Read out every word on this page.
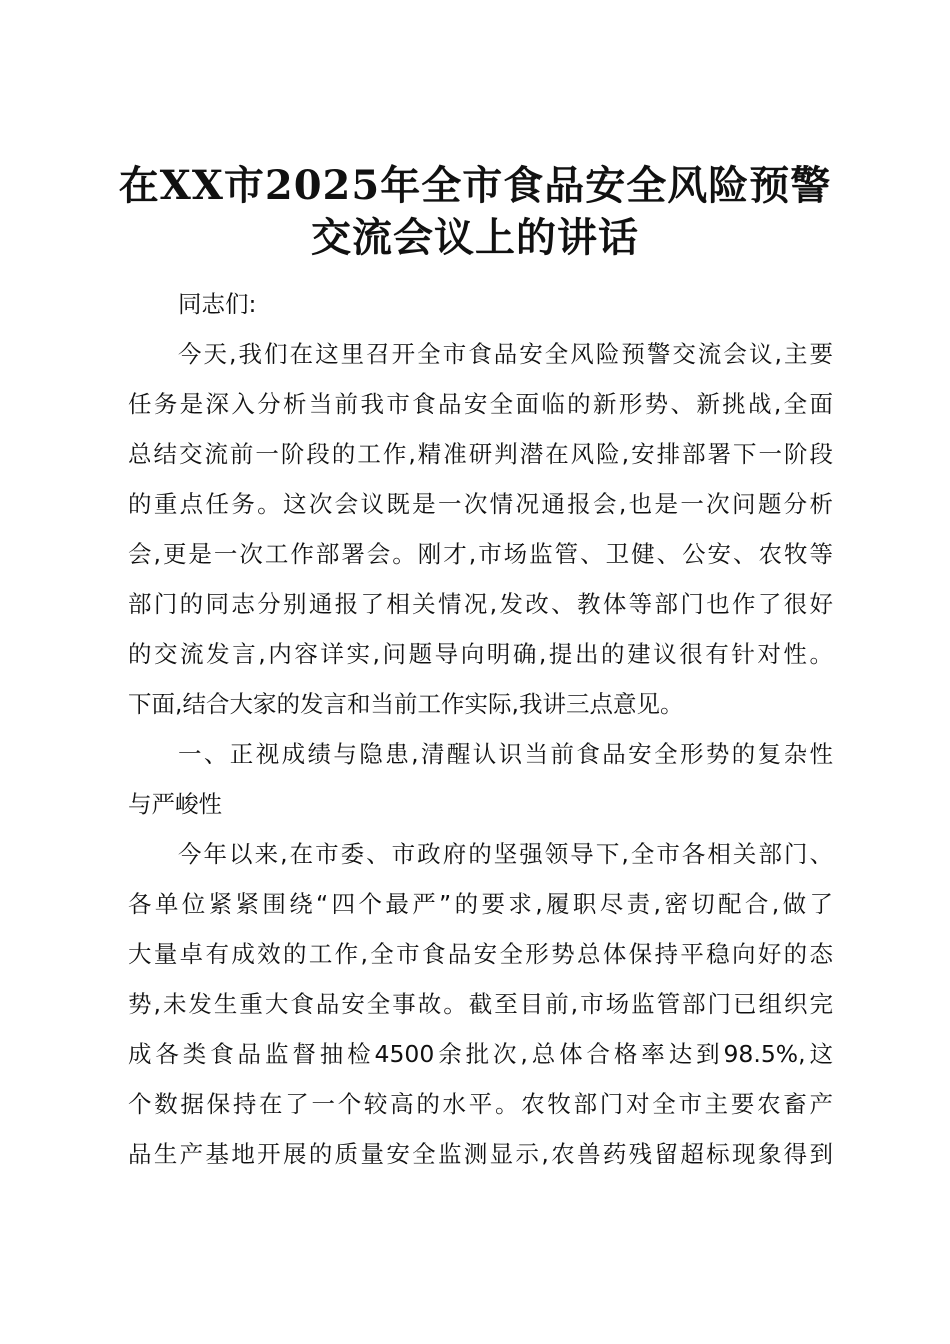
在XX市2025年全市食品安全风险预警
交流会议上的讲话
同志们:
今天,我们在这里召开全市食品安全风险预警交流会议,主要
任务是深入分析当前我市食品安全面临的新形势、新挑战,全面
总结交流前一阶段的工作,精准研判潜在风险,安排部署下一阶段
的重点任务。这次会议既是一次情况通报会,也是一次问题分析
会,更是一次工作部署会。刚才,市场监管、卫健、公安、农牧等
部门的同志分别通报了相关情况,发改、教体等部门也作了很好
的交流发言,内容详实,问题导向明确,提出的建议很有针对性。
下面,结合大家的发言和当前工作实际,我讲三点意见。
一、正视成绩与隐患,清醒认识当前食品安全形势的复杂性
与严峻性
今年以来,在市委、市政府的坚强领导下,全市各相关部门、
各单位紧紧围绕“四个最严”的要求,履职尽责,密切配合,做了
大量卓有成效的工作,全市食品安全形势总体保持平稳向好的态
势,未发生重大食品安全事故。截至目前,市场监管部门已组织完
成各类食品监督抽检4500余批次,总体合格率达到98.5%,这
个数据保持在了一个较高的水平。农牧部门对全市主要农畜产
品生产基地开展的质量安全监测显示,农兽药残留超标现象得到
